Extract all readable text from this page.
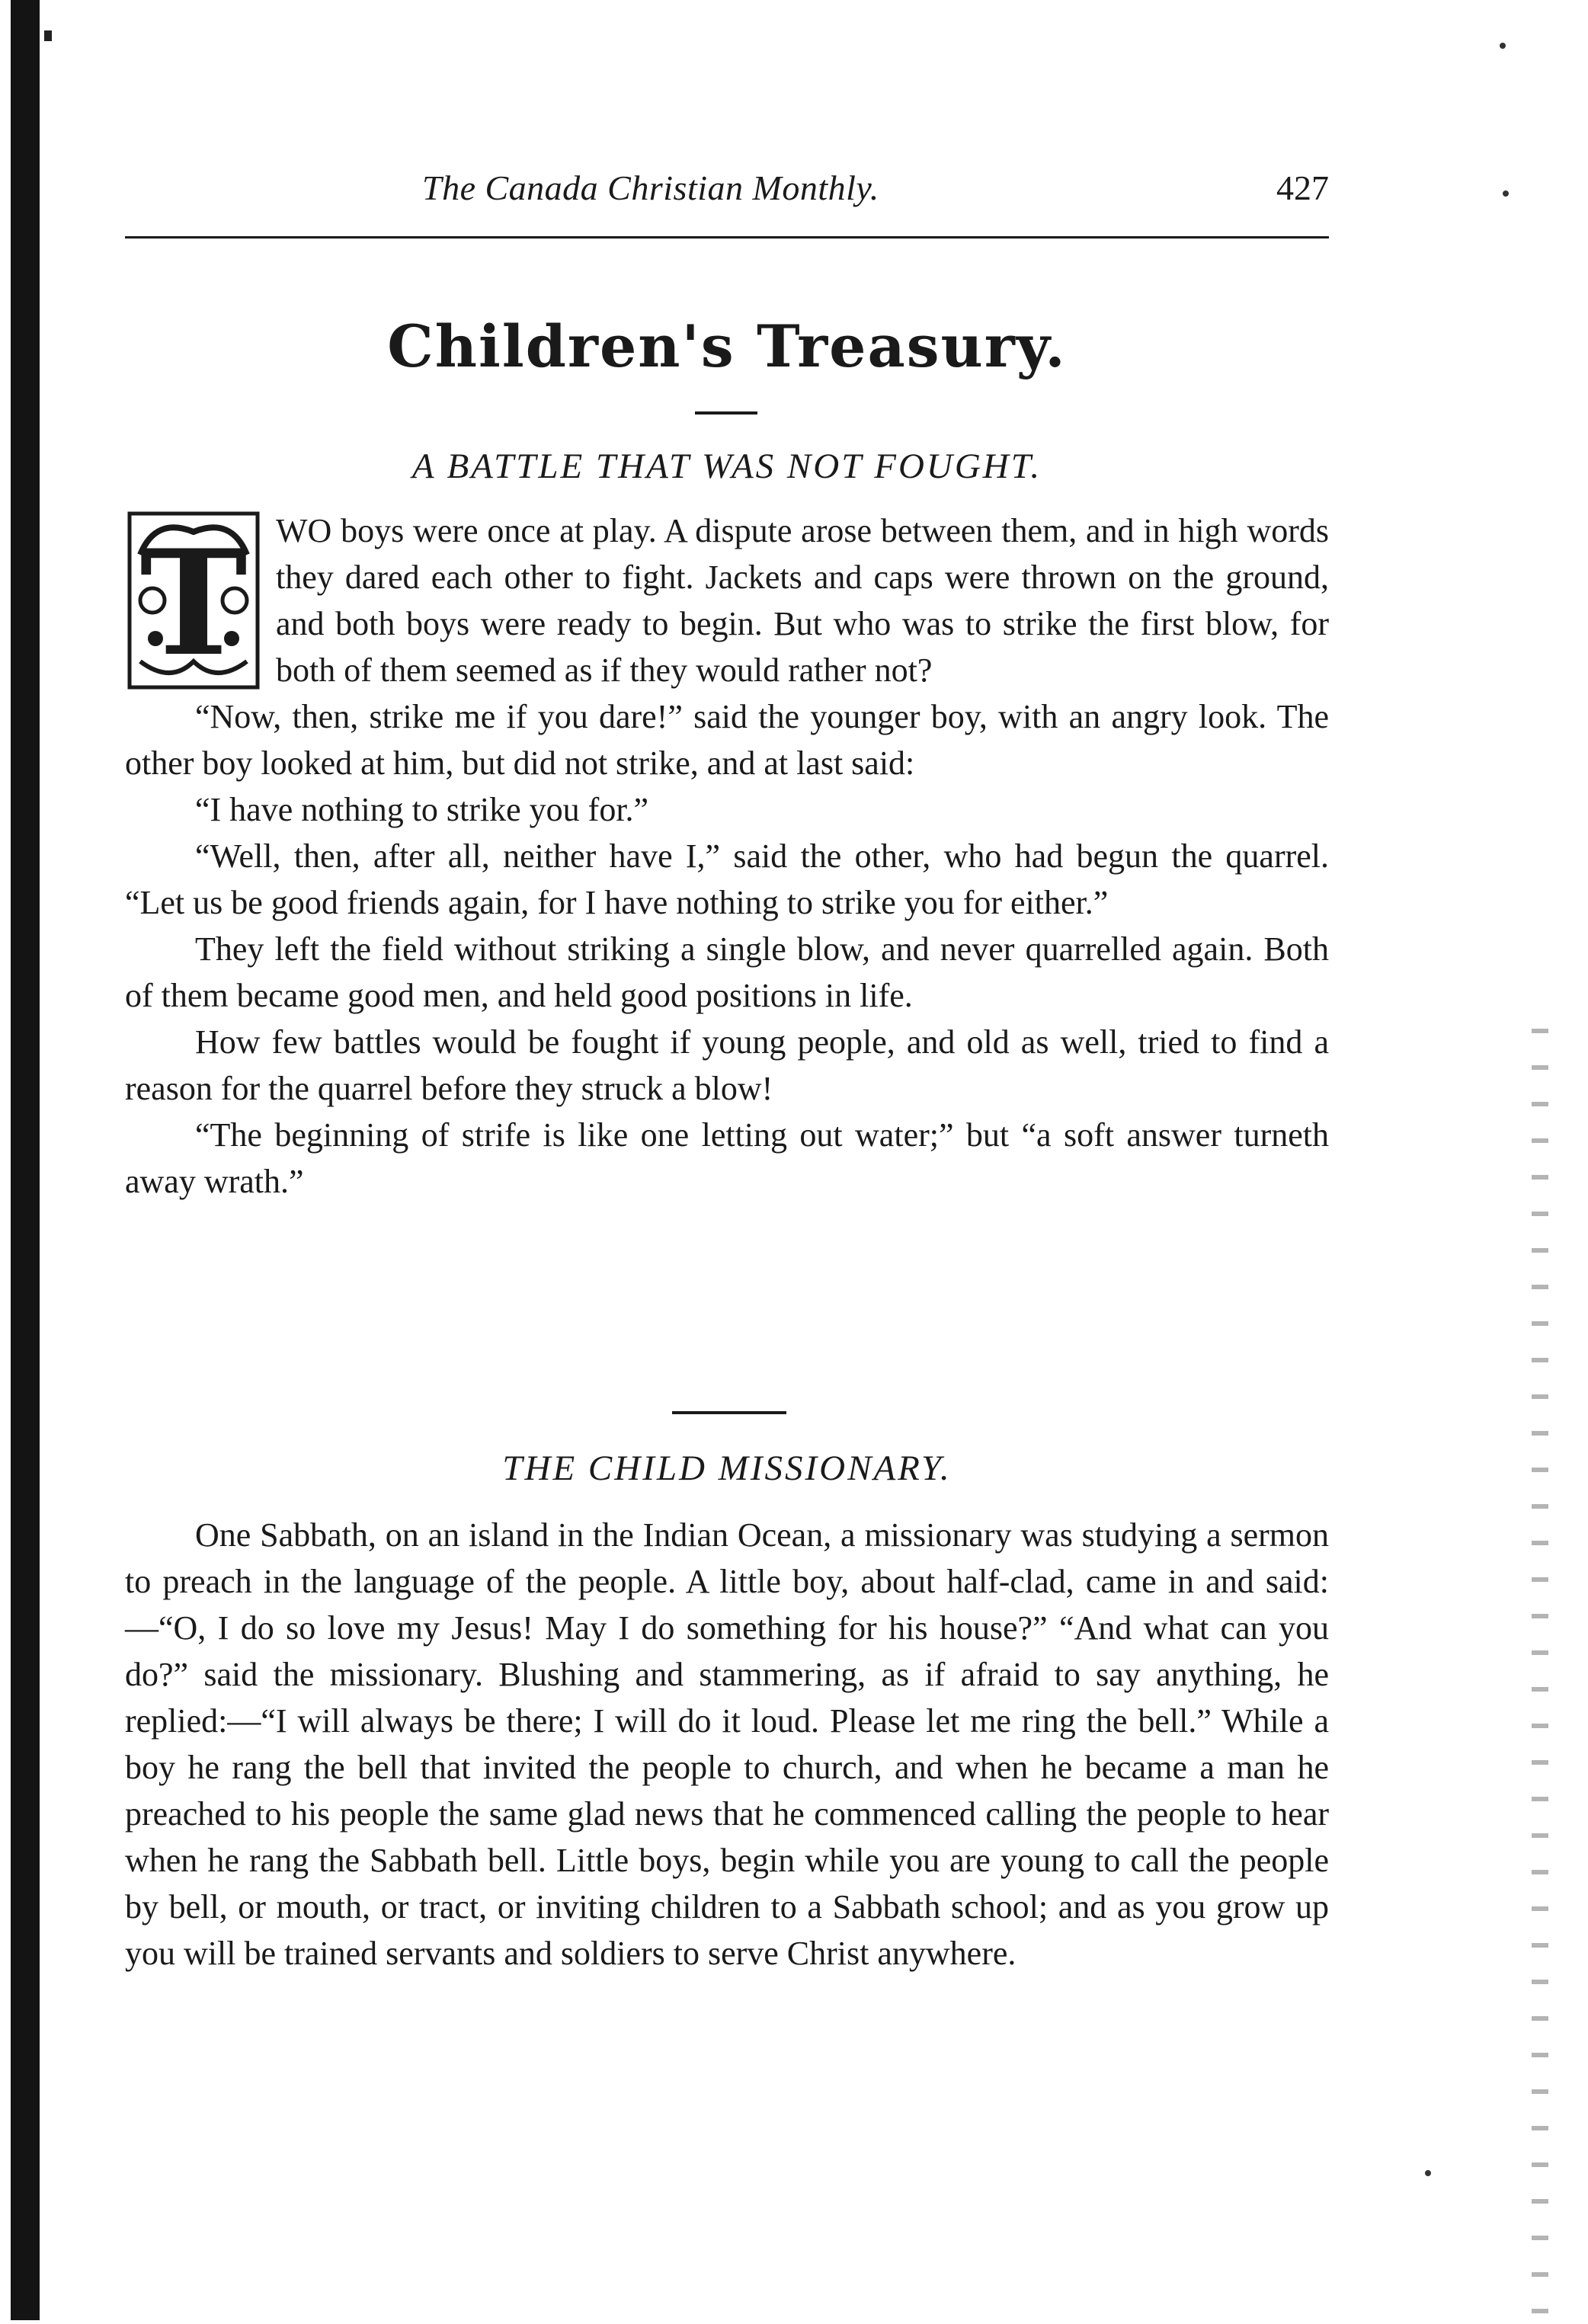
The Canada Christian Monthly.	427
Children's Treasury.
A BATTLE THAT WAS NOT FOUGHT.
T WO boys were once at play. A dispute arose between them, and in high words they dared each other to fight. Jackets and caps were thrown on the ground, and both boys were ready to begin. But who was to strike the first blow, for both of them seemed as if they would rather not?

“Now, then, strike me if you dare!” said the younger boy, with an angry look. The other boy looked at him, but did not strike, and at last said:

“I have nothing to strike you for.”

“Well, then, after all, neither have I,” said the other, who had begun the quarrel. “Let us be good friends again, for I have nothing to strike you for either.”

They left the field without striking a single blow, and never quarrelled again. Both of them became good men, and held good positions in life.

How few battles would be fought if young people, and old as well, tried to find a reason for the quarrel before they struck a blow!

“The beginning of strife is like one letting out water;” but “a soft answer turneth away wrath.”

THE CHILD MISSIONARY.

One Sabbath, on an island in the Indian Ocean, a missionary was studying a sermon to preach in the language of the people. A little boy, about half-clad, came in and said:—“O, I do so love my Jesus! May I do something for his house?” “And what can you do?” said the missionary. Blushing and stammering, as if afraid to say anything, he replied:—“I will always be there; I will do it loud. Please let me ring the bell.” While a boy he rang the bell that invited the people to church, and when he became a man he preached to his people the same glad news that he commenced calling the people to hear when he rang the Sabbath bell. Little boys, begin while you are young to call the people by bell, or mouth, or tract, or inviting children to a Sabbath school; and as you grow up you will be trained servants and soldiers to serve Christ anywhere.
